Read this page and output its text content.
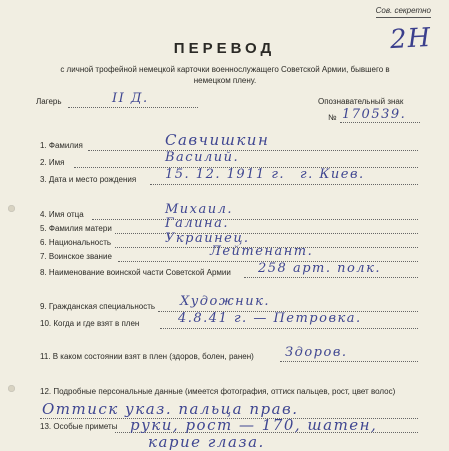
Сов. секретно
2Н
ПЕРЕВОД
с личной трофейной немецкой карточки военнослужащего Советской Армии, бывшего в немецком плену.
Лагерь	II Д.	Опознавательный знак
№ 170539.
1. Фамилия	Савчишкин
2. Имя	Василий.
3. Дата и место рождения 15. 12. 1911 г. г. Киев.
4. Имя отца	Михаил.
5. Фамилия матери	Галина.
6. Национальность	Украинец.
7. Воинское звание	Лейтенант.
8. Наименование воинской части Советской Армии 258 арт. полк.
9. Гражданская специальность Художник.
10. Когда и где взят в плен	4.8.41 г. — Петровка.
11. В каком состоянии взят в плен (здоров, болен, ранен) Здоров.
12. Подробные персональные данные (имеется фотография, оттиск пальцев, рост, цвет волос)
Оттиск указ. пальца прав.
13. Особые приметы руки, рост — 170, шатен,
карие глаза.
